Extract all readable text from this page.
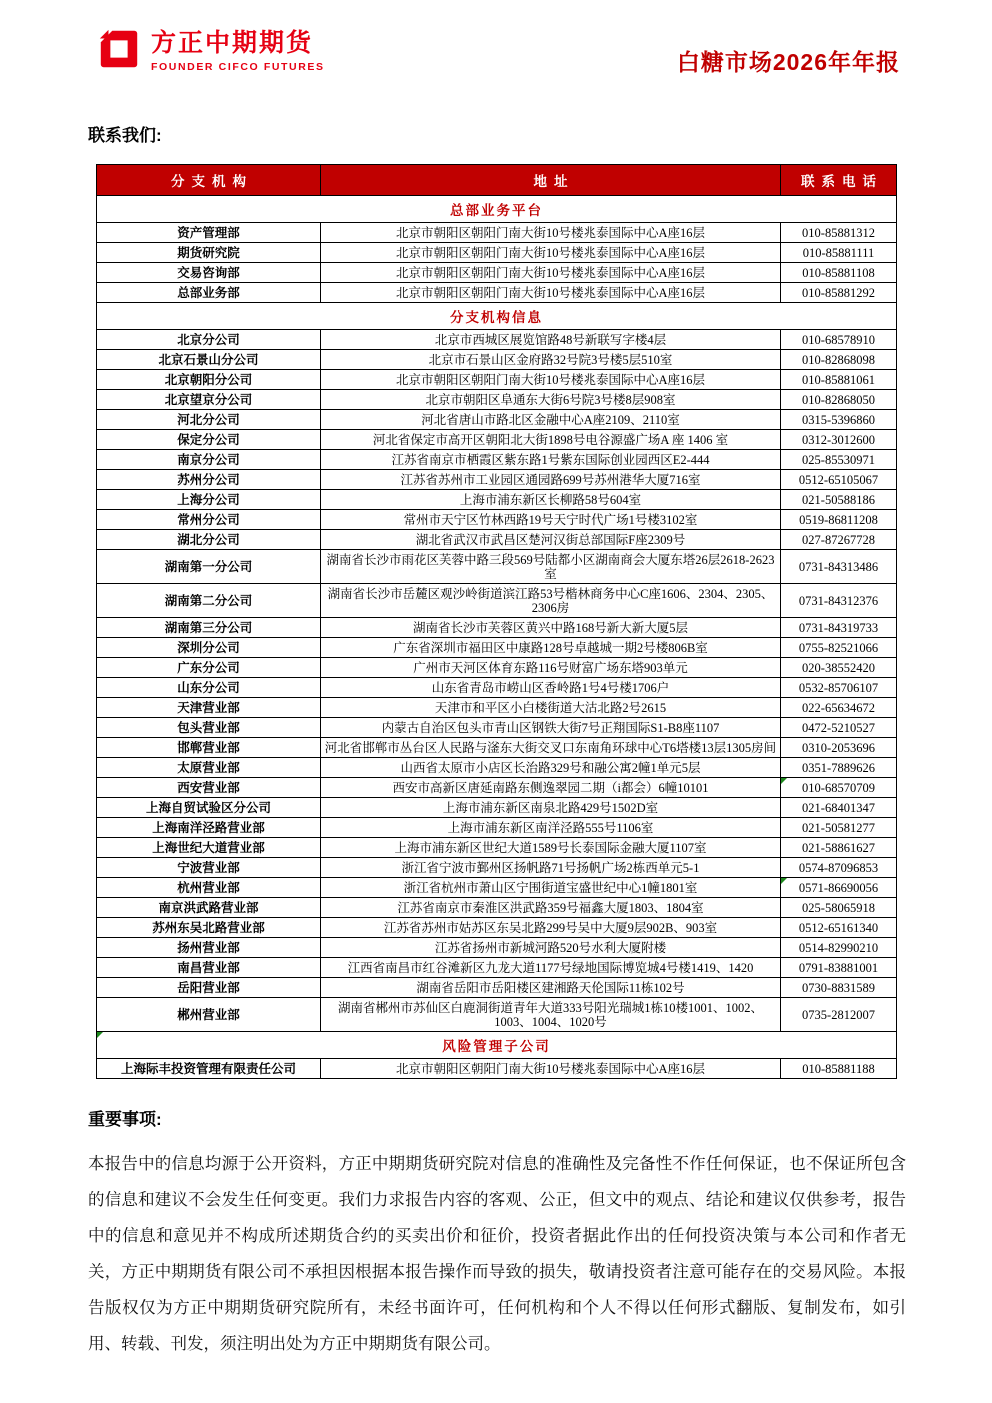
方正中期期货
FOUNDER CIFCO FUTURES	白糖市场2026年年报
联系我们:
分支机构	地址	联系电话
总部业务平台		
资产管理部	北京市朝阳区朝阳门南大街10号楼兆泰国际中心A座16层	010-85881312
期货研究院	北京市朝阳区朝阳门南大街10号楼兆泰国际中心A座16层	010-85881111
交易咨询部	北京市朝阳区朝阳门南大街10号楼兆泰国际中心A座16层	010-85881108
总部业务部	北京市朝阳区朝阳门南大街10号楼兆泰国际中心A座16层	010-85881292
分支机构信息		
北京分公司	北京市西城区展览馆路48号新联写字楼4层	010-68578910
北京石景山分公司	北京市石景山区金府路32号院3号楼5层510室	010-82868098
北京朝阳分公司	北京市朝阳区朝阳门南大街10号楼兆泰国际中心A座16层	010-85881061
北京望京分公司	北京市朝阳区阜通东大街6号院3号楼8层908室	010-82868050
河北分公司	河北省唐山市路北区金融中心A座2109、2110室	0315-5396860
保定分公司	河北省保定市高开区朝阳北大街1898号电谷源盛广场A 座 1406 室	0312-3012600
南京分公司	江苏省南京市栖霞区紫东路1号紫东国际创业园西区E2-444	025-85530971
苏州分公司	江苏省苏州市工业园区通园路699号苏州港华大厦716室	0512-65105067
上海分公司	上海市浦东新区长柳路58号604室	021-50588186
常州分公司	常州市天宁区竹林西路19号天宁时代广场1号楼3102室	0519-86811208
湖北分公司	湖北省武汉市武昌区楚河汉街总部国际F座2309号	027-87267728
湖南第一分公司	湖南省长沙市雨花区芙蓉中路三段569号陆都小区湖南商会大厦东塔26层2618-2623室	0731-84313486
湖南第二分公司	湖南省长沙市岳麓区观沙岭街道滨江路53号楷林商务中心C座1606、2304、2305、2306房	0731-84312376
湖南第三分公司	湖南省长沙市芙蓉区黄兴中路168号新大新大厦5层	0731-84319733
深圳分公司	广东省深圳市福田区中康路128号卓越城一期2号楼806B室	0755-82521066
广东分公司	广州市天河区体育东路116号财富广场东塔903单元	020-38552420
山东分公司	山东省青岛市崂山区香岭路1号4号楼1706户	0532-85706107
天津营业部	天津市和平区小白楼街道大沽北路2号2615	022-65634672
包头营业部	内蒙古自治区包头市青山区钢铁大街7号正翔国际S1-B8座1107	0472-5210527
邯郸营业部	河北省邯郸市丛台区人民路与滏东大街交叉口东南角环球中心T6塔楼13层1305房间	0310-2053696
太原营业部	山西省太原市小店区长治路329号和融公寓2幢1单元5层	0351-7889626
西安营业部	西安市高新区唐延南路东侧逸翠园二期（i都会）6幢10101	010-68570709
上海自贸试验区分公司	上海市浦东新区南泉北路429号1502D室	021-68401347
上海南洋泾路营业部	上海市浦东新区南洋泾路555号1106室	021-50581277
上海世纪大道营业部	上海市浦东新区世纪大道1589号长泰国际金融大厦1107室	021-58861627
宁波营业部	浙江省宁波市鄞州区扬帆路71号扬帆广场2栋西单元5-1	0574-87096853
杭州营业部	浙江省杭州市萧山区宁围街道宝盛世纪中心1幢1801室	0571-86690056
南京洪武路营业部	江苏省南京市秦淮区洪武路359号福鑫大厦1803、1804室	025-58065918
苏州东吴北路营业部	江苏省苏州市姑苏区东吴北路299号吴中大厦9层902B、903室	0512-65161340
扬州营业部	江苏省扬州市新城河路520号水利大厦附楼	0514-82990210
南昌营业部	江西省南昌市红谷滩新区九龙大道1177号绿地国际博览城4号楼1419、1420	0791-83881001
岳阳营业部	湖南省岳阳市岳阳楼区建湘路天伦国际11栋102号	0730-8831589
郴州营业部	湖南省郴州市苏仙区白鹿洞街道青年大道333号阳光瑞城1栋10楼1001、1002、1003、1004、1020号	0735-2812007
风险管理子公司		
上海际丰投资管理有限责任公司	北京市朝阳区朝阳门南大街10号楼兆泰国际中心A座16层	010-85881188
重要事项:

本报告中的信息均源于公开资料，方正中期期货研究院对信息的准确性及完备性不作任何保证，也不保证所包含的信息和建议不会发生任何变更。我们力求报告内容的客观、公正，但文中的观点、结论和建议仅供参考，报告中的信息和意见并不构成所述期货合约的买卖出价和征价，投资者据此作出的任何投资决策与本公司和作者无关，方正中期期货有限公司不承担因根据本报告操作而导致的损失，敬请投资者注意可能存在的交易风险。本报告版权仅为方正中期期货研究院所有，未经书面许可，任何机构和个人不得以任何形式翻版、复制发布，如引用、转载、刊发，须注明出处为方正中期期货有限公司。
